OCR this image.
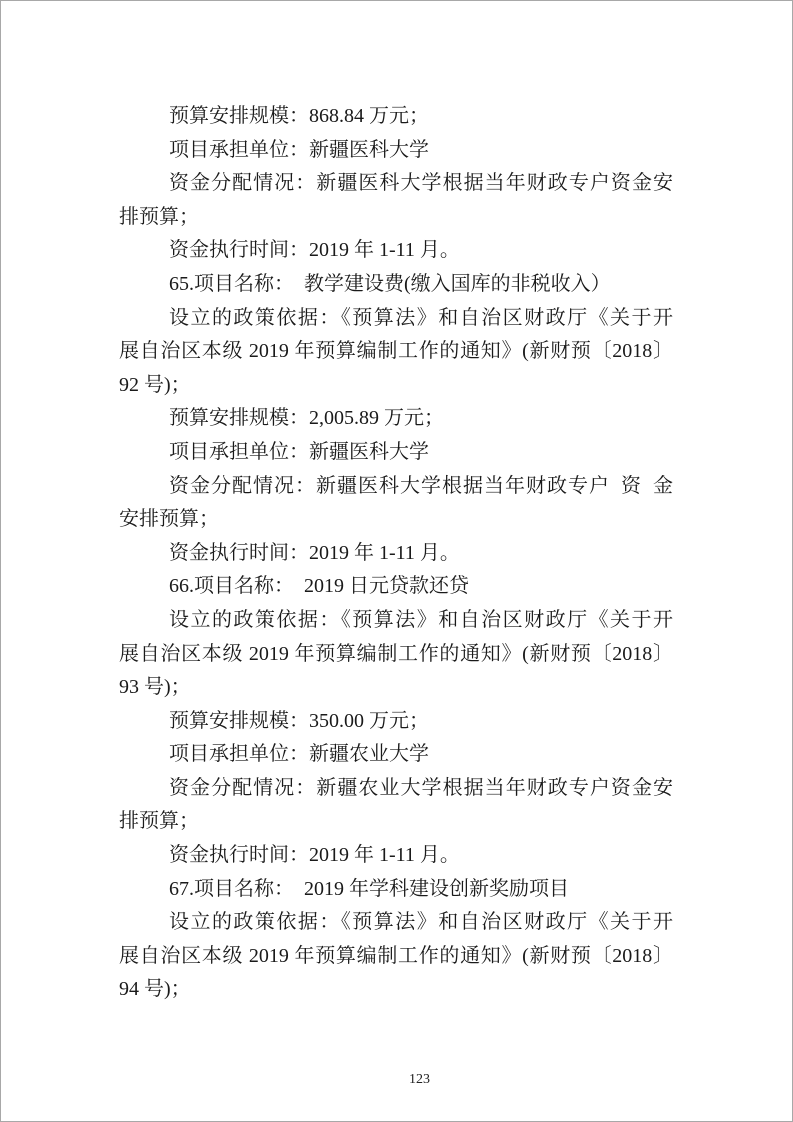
预算安排规模：868.84 万元；
项目承担单位：新疆医科大学
资金分配情况：新疆医科大学根据当年财政专户资金安
排预算；
资金执行时间：2019 年 1-11 月。
65.项目名称：　教学建设费(缴入国库的非税收入）
设立的政策依据：《预算法》和自治区财政厅《关于开
展自治区本级 2019 年预算编制工作的通知》(新财预〔2018〕
92 号)；
预算安排规模：2,005.89 万元；
项目承担单位：新疆医科大学
资金分配情况：新疆医科大学根据当年财政专户 资 金
安排预算；
资金执行时间：2019 年 1-11 月。
66.项目名称：　2019 日元贷款还贷
设立的政策依据：《预算法》和自治区财政厅《关于开
展自治区本级 2019 年预算编制工作的通知》(新财预〔2018〕
93 号)；
预算安排规模：350.00 万元；
项目承担单位：新疆农业大学
资金分配情况：新疆农业大学根据当年财政专户资金安
排预算；
资金执行时间：2019 年 1-11 月。
67.项目名称：　2019 年学科建设创新奖励项目
设立的政策依据：《预算法》和自治区财政厅《关于开
展自治区本级 2019 年预算编制工作的通知》(新财预〔2018〕
94 号)；
123
